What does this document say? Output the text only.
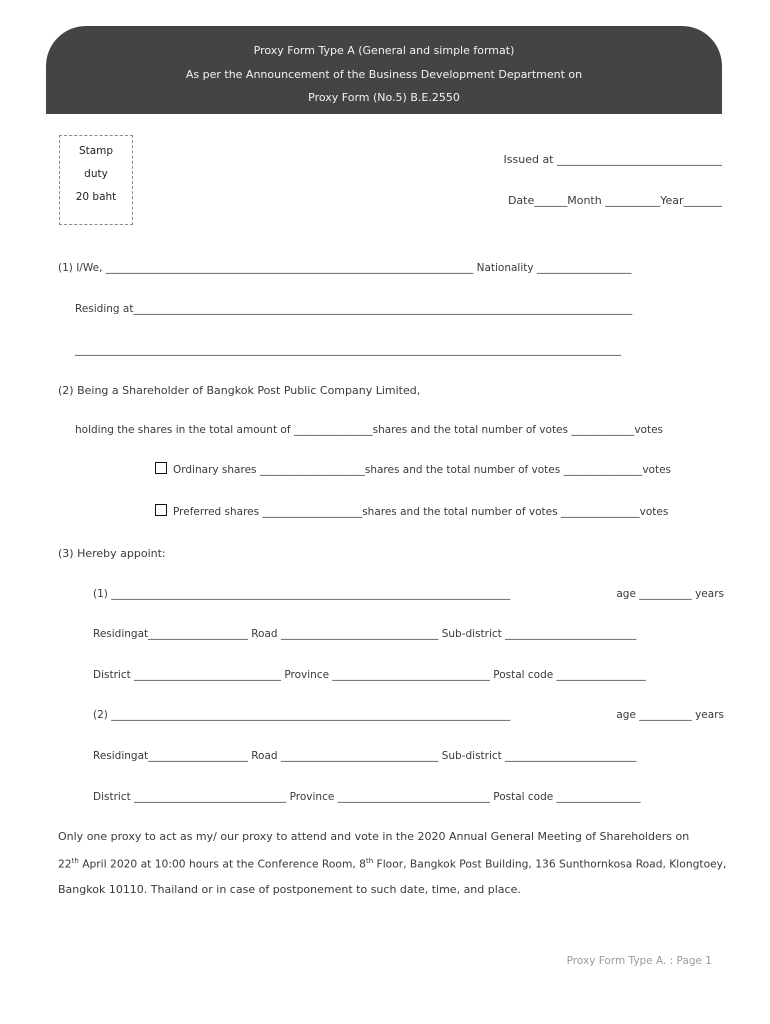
Proxy Form Type A (General and simple format)
As per the Announcement of the Business Development Department on
Proxy Form (No.5) B.E.2550
Stamp
duty
20 baht
Issued at ______________________________
Date______Month __________Year_______
(1) I/We, ______________________________________________________________________ Nationality __________________
Residing at_______________________________________________________________________________________________
________________________________________________________________________________________________________
(2) Being a Shareholder of Bangkok Post Public Company Limited,
holding the shares in the total amount of _______________shares and the total number of votes ____________votes
Ordinary shares ____________________shares and the total number of votes _______________votes
Preferred shares ___________________shares and the total number of votes _______________votes
(3) Hereby appoint:
(1) ____________________________________________________________________________	age __________ years
Residingat___________________ Road ______________________________ Sub-district _________________________
District ____________________________ Province ______________________________ Postal code _________________
(2) ____________________________________________________________________________	age __________ years
Residingat___________________ Road ______________________________ Sub-district _________________________
District _____________________________ Province _____________________________ Postal code ________________
Only one proxy to act as my/ our proxy to attend and vote in the 2020 Annual General Meeting of Shareholders on
22th April 2020 at 10:00 hours at the Conference Room, 8th Floor, Bangkok Post Building, 136 Sunthornkosa Road, Klongtoey,
Bangkok 10110. Thailand or in case of postponement to such date, time, and place.
Proxy Form Type A. : Page 1
